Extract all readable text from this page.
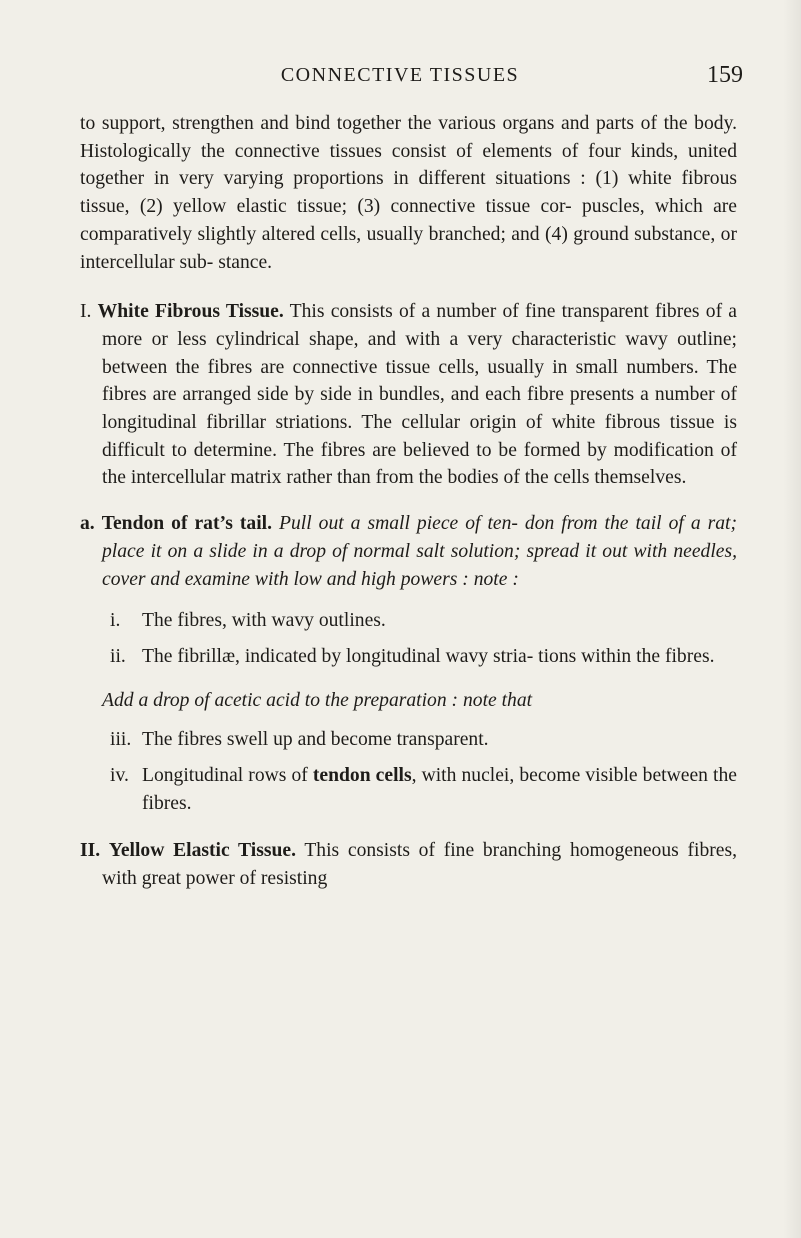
CONNECTIVE TISSUES	159

to support, strengthen and bind together the various organs and parts of the body. Histologically the connective tissues consist of elements of four kinds, united together in very varying proportions in different situations : (1) white fibrous tissue, (2) yellow elastic tissue; (3) connective tissue cor- puscles, which are comparatively slightly altered cells, usually branched; and (4) ground substance, or intercellular sub- stance.

I. White Fibrous Tissue. This consists of a number of fine transparent fibres of a more or less cylindrical shape, and with a very characteristic wavy outline; between the fibres are connective tissue cells, usually in small numbers. The fibres are arranged side by side in bundles, and each fibre presents a number of longitudinal fibrillar striations. The cellular origin of white fibrous tissue is difficult to determine. The fibres are believed to be formed by modification of the intercellular matrix rather than from the bodies of the cells themselves.

a. Tendon of rat’s tail. Pull out a small piece of ten- don from the tail of a rat; place it on a slide in a drop of normal salt solution; spread it out with needles, cover and examine with low and high powers : note :

i. The fibres, with wavy outlines.

ii. The fibrillæ, indicated by longitudinal wavy stria- tions within the fibres.

Add a drop of acetic acid to the preparation : note that

iii. The fibres swell up and become transparent.

iv. Longitudinal rows of tendon cells, with nuclei, become visible between the fibres.

II. Yellow Elastic Tissue. This consists of fine branching homogeneous fibres, with great power of resisting
